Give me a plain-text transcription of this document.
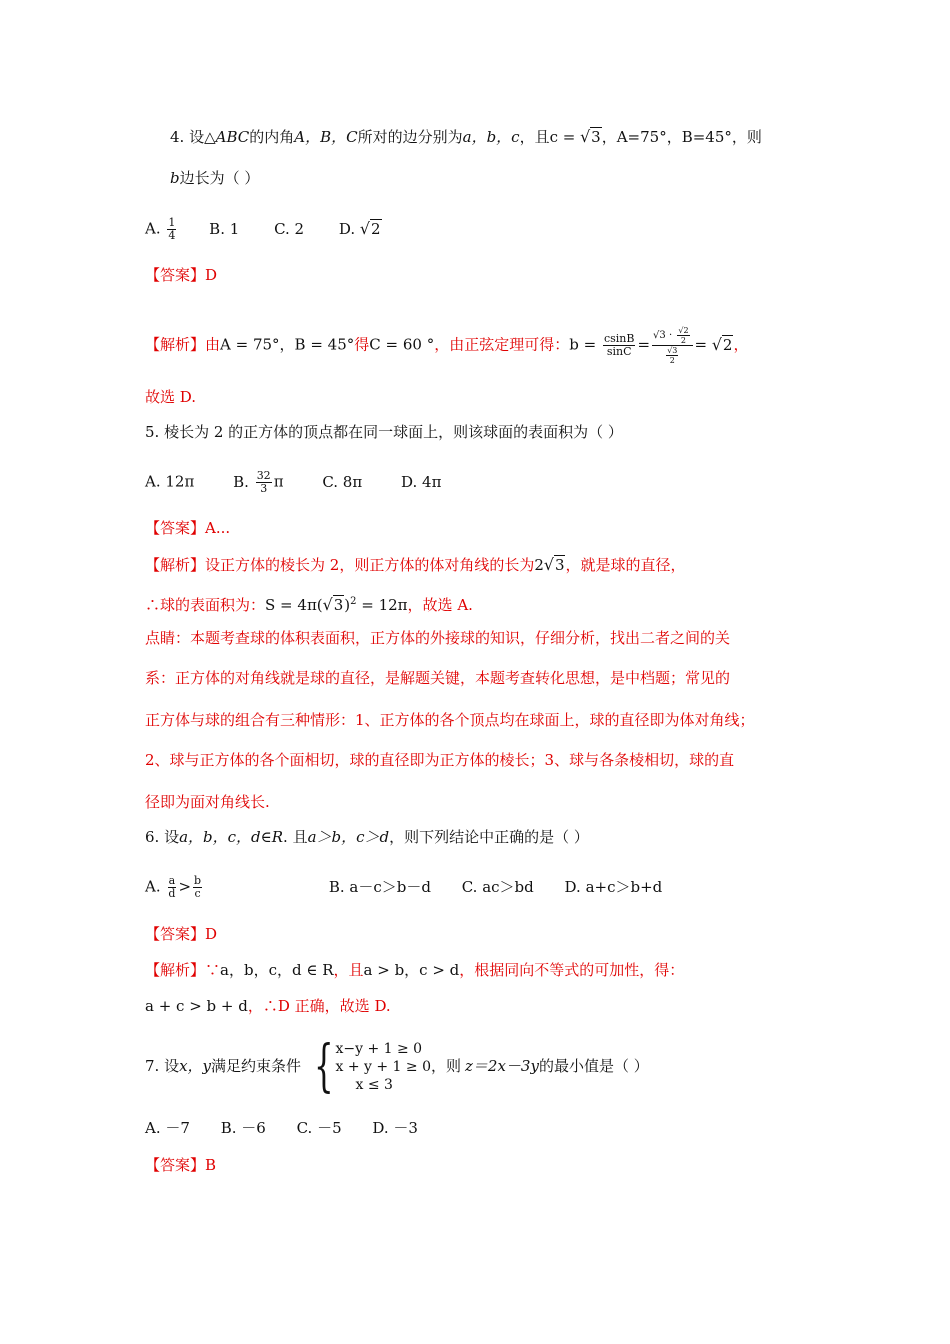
4. 设△ABC的内角A，B，C所对的边分别为a，b，c，且c = √3，A=75°，B=45°，则
b边长为（ ）
A. $\frac{1}{4} B$. 1 C. 2 D. √2
【答案】D
【解析】由A = 75°，B = 45°得C = 60 °，由正弦定理可得：$b = \frac{csinB}{\sin C} = \frac{√3 \cdot \frac{√2}{2}}{\frac{√3}{2}} = √2$，
故选 D.
5. 棱长为 2 的正方体的顶点都在同一球面上，则该球面的表面积为（ ）
A. 12π	B. $\frac{32}{3}$ π	C. 8π	D. 4π
【答案】A...
【解析】设正方体的棱长为 2，则正方体的体对角线的长为2√3，就是球的直径，
∴球的表面积为：$S = 4\pi(√3)^2 = 12\pi$，故选 A.
点睛：本题考查球的体积表面积，正方体的外接球的知识，仔细分析，找出二者之间的关
系：正方体的对角线就是球的直径，是解题关键，本题考查转化思想，是中档题；常见的
正方体与球的组合有三种情形：1、正方体的各个顶点均在球面上，球的直径即为体对角线；
2、球与正方体的各个面相切，球的直径即为正方体的棱长；3、球与各条棱相切，球的直
径即为面对角线长.
6. 设a，b，c，d∈R. 且a＞b，c＞d，则下列结论中正确的是（ ）
A. $\frac{a}{d} > \frac{b}{c}$	B. a－c＞b－d C. ac＞bd D. a+c＞b+d
【答案】D
【解析】∵a，b，c，d ∈ R，且a > b，c > d，根据同向不等式的可加性，得：
a + c > b + d，∴D 正确，故选 D.
7. 设x，y满足约束条件 { x−y + 1 ≥ 0
x + y + 1 ≥ 0
x ≤ 3
，则 z＝2x－3y的最小值是（ ）
A. －7 B. －6 C. －5 D. －3
【答案】B
